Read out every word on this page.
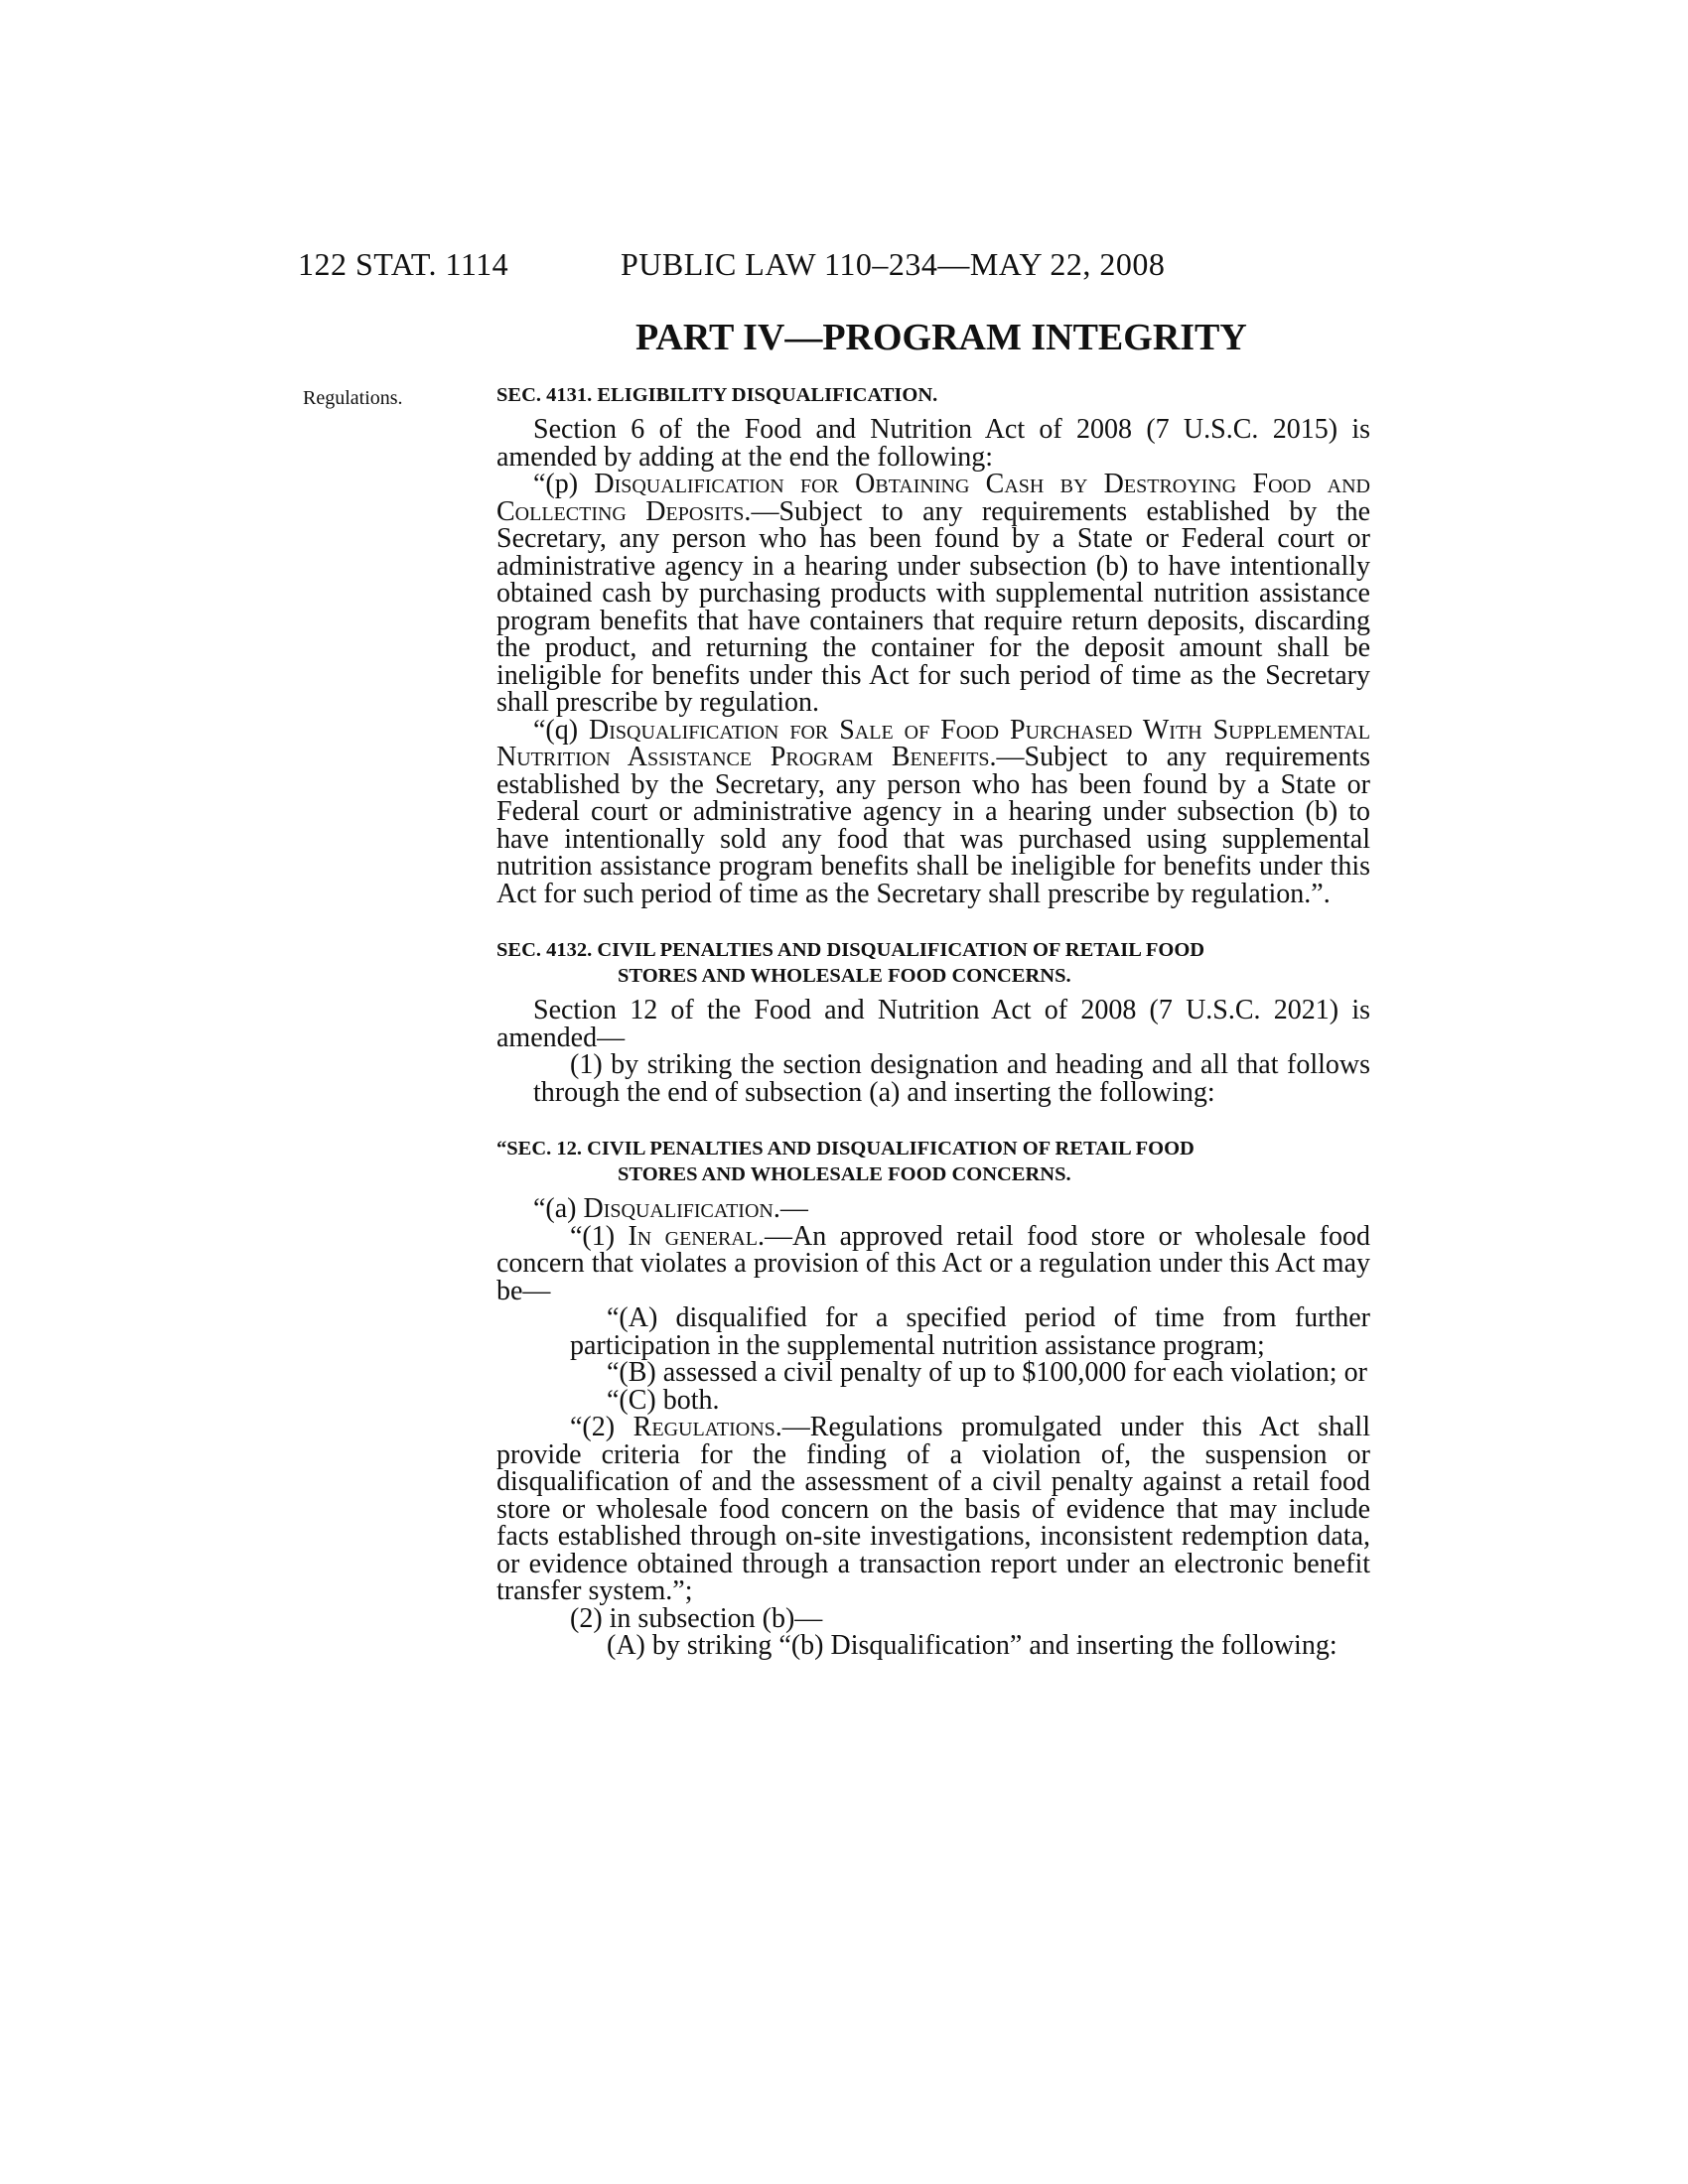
122 STAT. 1114	PUBLIC LAW 110–234—MAY 22, 2008
PART IV—PROGRAM INTEGRITY
Regulations.	SEC. 4131. ELIGIBILITY DISQUALIFICATION.

Section 6 of the Food and Nutrition Act of 2008 (7 U.S.C. 2015) is amended by adding at the end the following:

“(p) Disqualification for Obtaining Cash by Destroying Food and Collecting Deposits.—Subject to any requirements established by the Secretary, any person who has been found by a State or Federal court or administrative agency in a hearing under subsection (b) to have intentionally obtained cash by purchasing products with supplemental nutrition assistance program benefits that have containers that require return deposits, discarding the product, and returning the container for the deposit amount shall be ineligible for benefits under this Act for such period of time as the Secretary shall prescribe by regulation.

“(q) Disqualification for Sale of Food Purchased With Supplemental Nutrition Assistance Program Benefits.—Subject to any requirements established by the Secretary, any person who has been found by a State or Federal court or administrative agency in a hearing under subsection (b) to have intentionally sold any food that was purchased using supplemental nutrition assistance program benefits shall be ineligible for benefits under this Act for such period of time as the Secretary shall prescribe by regulation.”.

SEC. 4132. CIVIL PENALTIES AND DISQUALIFICATION OF RETAIL FOOD
STORES AND WHOLESALE FOOD CONCERNS.

Section 12 of the Food and Nutrition Act of 2008 (7 U.S.C. 2021) is amended—

(1) by striking the section designation and heading and all that follows through the end of subsection (a) and inserting the following:

“SEC. 12. CIVIL PENALTIES AND DISQUALIFICATION OF RETAIL FOOD
STORES AND WHOLESALE FOOD CONCERNS.

“(a) Disqualification.—

“(1) In general.—An approved retail food store or wholesale food concern that violates a provision of this Act or a regulation under this Act may be—

“(A) disqualified for a specified period of time from further participation in the supplemental nutrition assistance program;

“(B) assessed a civil penalty of up to $100,000 for each violation; or

“(C) both.

“(2) Regulations.—Regulations promulgated under this Act shall provide criteria for the finding of a violation of, the suspension or disqualification of and the assessment of a civil penalty against a retail food store or wholesale food concern on the basis of evidence that may include facts established through on-site investigations, inconsistent redemption data, or evidence obtained through a transaction report under an electronic benefit transfer system.”;

(2) in subsection (b)—

(A) by striking “(b) Disqualification” and inserting the following:
